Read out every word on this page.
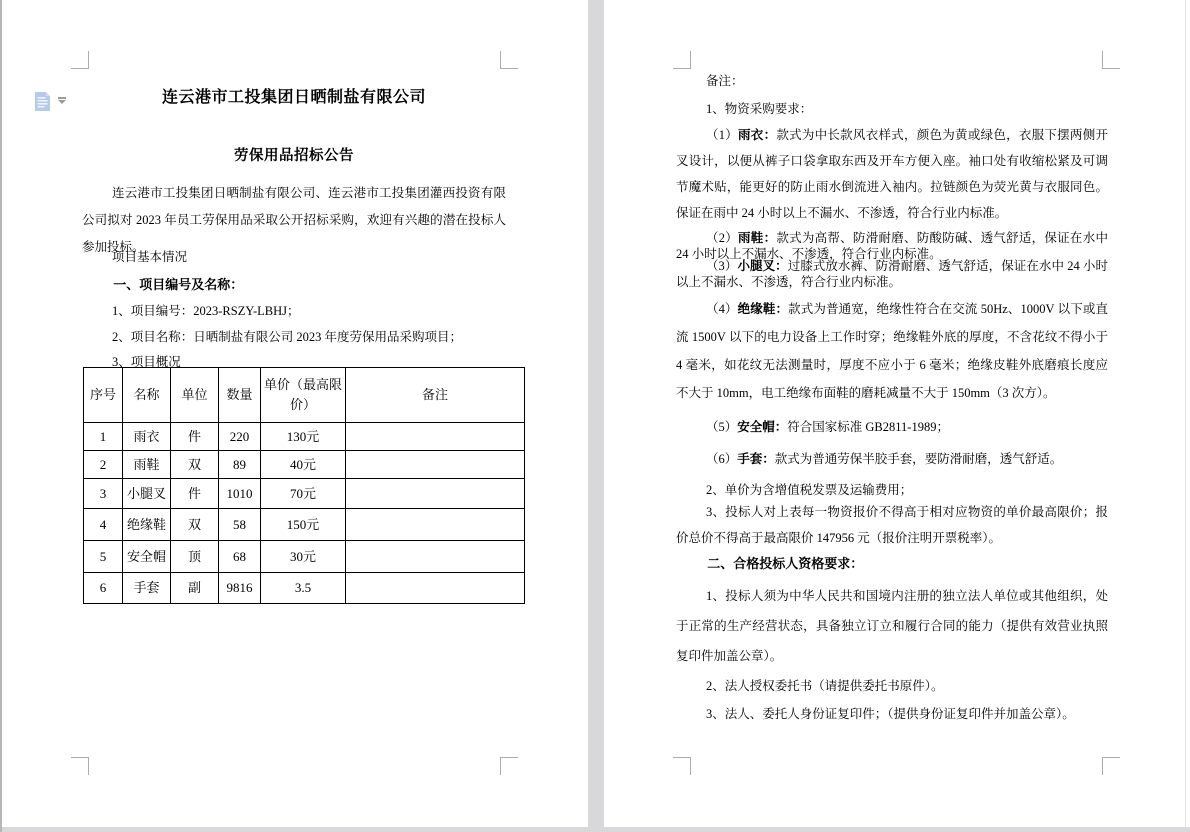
连云港市工投集团日晒制盐有限公司
劳保用品招标公告
连云港市工投集团日晒制盐有限公司、连云港市工投集团灌西投资有限公司拟对 2023 年员工劳保用品采取公开招标采购，欢迎有兴趣的潜在投标人参加投标。
项目基本情况
一、项目编号及名称：
1、项目编号：2023-RSZY-LBHJ；
2、项目名称：日晒制盐有限公司 2023 年度劳保用品采购项目；
3、项目概况
序号	名称	单位	数量	单价（最高限价）	备注
1	雨衣	件	220	130元	
2	雨鞋	双	89	40元	
3	小腿叉	件	1010	70元	
4	绝缘鞋	双	58	150元	
5	安全帽	顶	68	30元	
6	手套	副	9816	3.5	
备注：
1、物资采购要求：
（1）雨衣：款式为中长款风衣样式，颜色为黄或绿色，衣服下摆两侧开叉设计，以便从裤子口袋拿取东西及开车方便入座。袖口处有收缩松紧及可调节魔术贴，能更好的防止雨水倒流进入袖内。拉链颜色为荧光黄与衣服同色。保证在雨中 24 小时以上不漏水、不渗透，符合行业内标准。
（2）雨鞋：款式为高帮、防滑耐磨、防酸防碱、透气舒适，保证在水中 24 小时以上不漏水、不渗透，符合行业内标准。
（3）小腿叉：过膝式放水裤、防滑耐磨、透气舒适，保证在水中 24 小时以上不漏水、不渗透，符合行业内标准。
（4）绝缘鞋：款式为普通宽，绝缘性符合在交流 50Hz、1000V 以下或直流 1500V 以下的电力设备上工作时穿；绝缘鞋外底的厚度，不含花纹不得小于 4 毫米，如花纹无法测量时，厚度不应小于 6 毫米；绝缘皮鞋外底磨痕长度应不大于 10mm，电工绝缘布面鞋的磨耗减量不大于 150mm（3 次方）。
（5）安全帽：符合国家标准 GB2811-1989；
（6）手套：款式为普通劳保半胶手套，要防滑耐磨，透气舒适。
2、单价为含增值税发票及运输费用；
3、投标人对上表每一物资报价不得高于相对应物资的单价最高限价；报价总价不得高于最高限价 147956 元（报价注明开票税率）。
二、合格投标人资格要求：
1、投标人须为中华人民共和国境内注册的独立法人单位或其他组织，处于正常的生产经营状态，具备独立订立和履行合同的能力（提供有效营业执照复印件加盖公章）。
2、法人授权委托书（请提供委托书原件）。
3、法人、委托人身份证复印件；（提供身份证复印件并加盖公章）。
